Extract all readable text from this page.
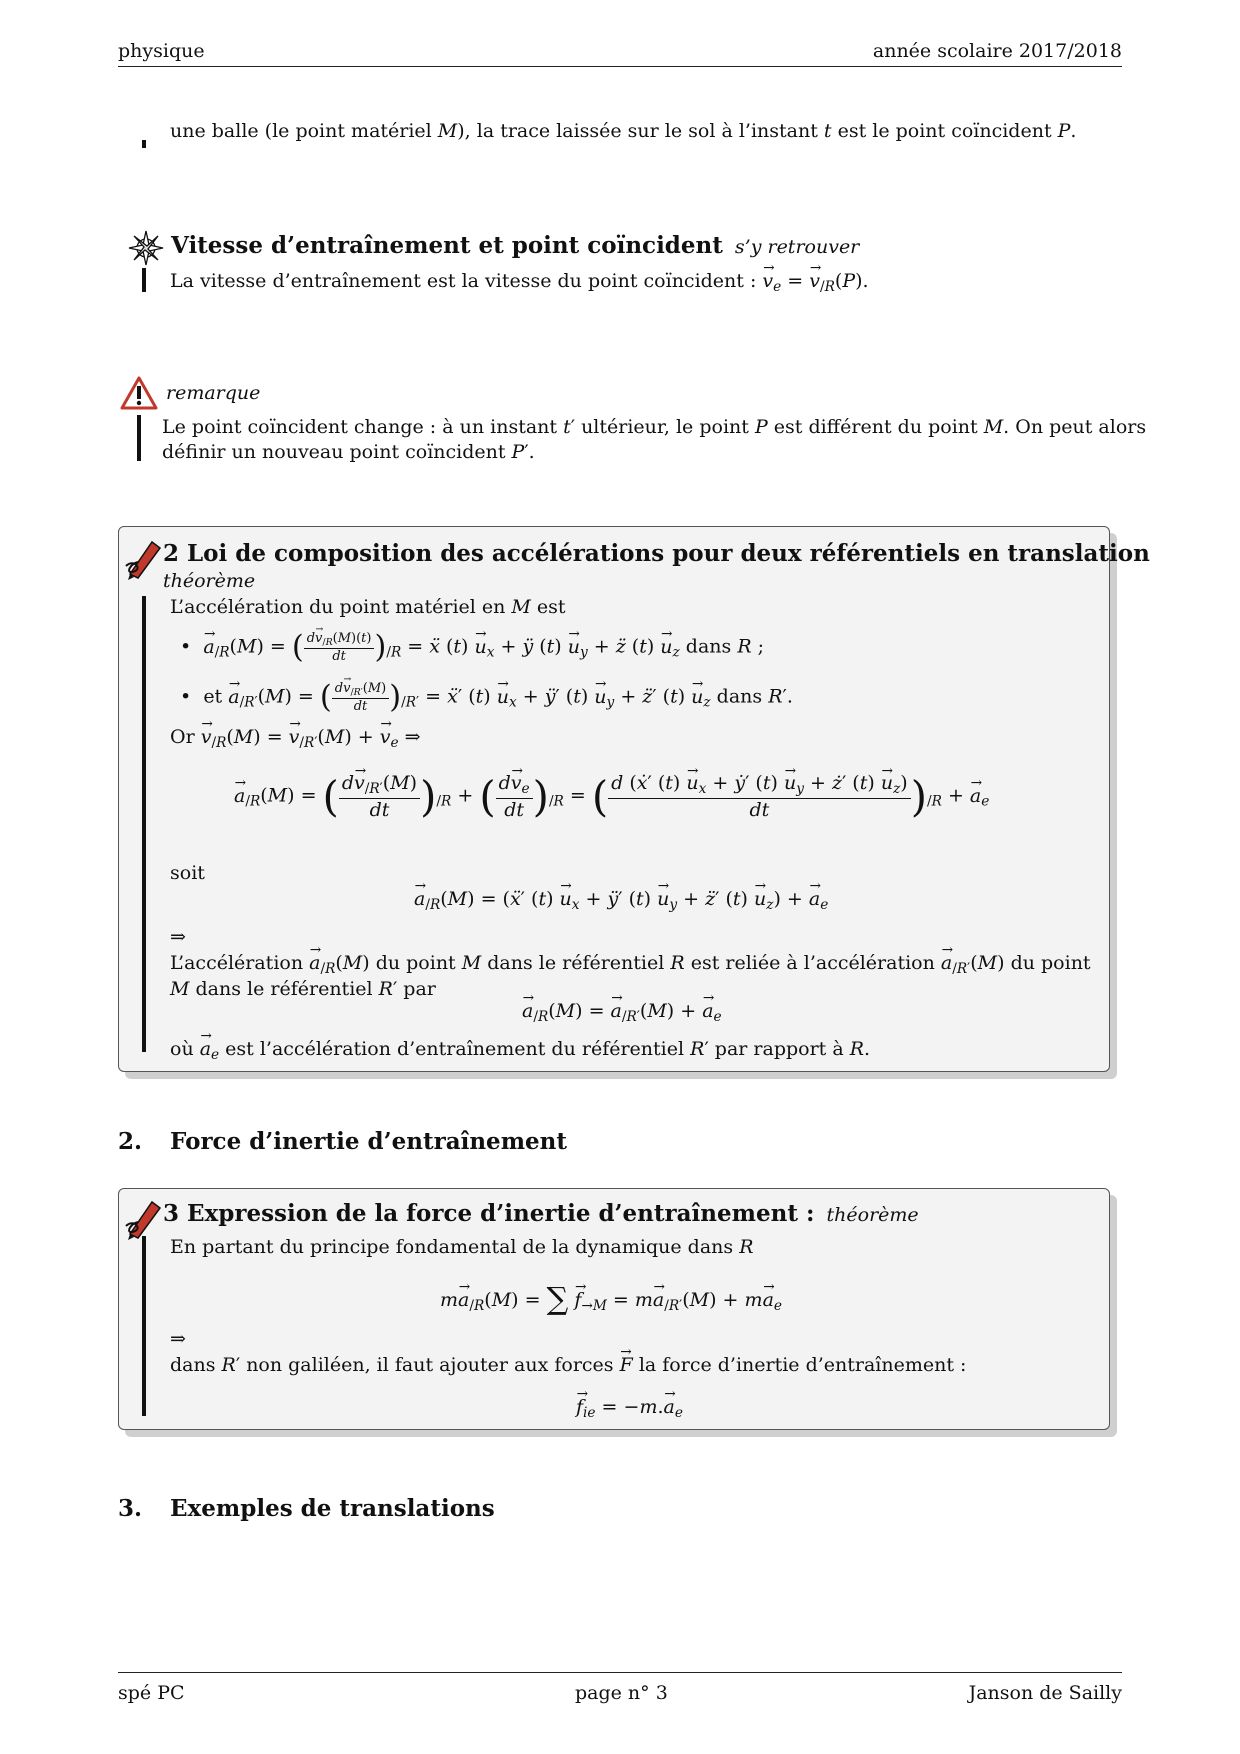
physique	année scolaire 2017/2018
une balle (le point matériel M), la trace laissée sur le sol à l’instant t est le point coïncident P.
Vitesse d’entraînement et point coïncident s’y retrouver
La vitesse d’entraînement est la vitesse du point coïncident : → $v_e$ = → $v_{/R}(P)$.
remarque
Le point coïncident change : à un instant t′ ultérieur, le point P est différent du point M. On peut alors
définir un nouveau point coïncident P′.
2 Loi de composition des accélérations pour deux référentiels en translation
théorème
L’accélération du point matériel en M est
• → $a_{/R}(M)$ = ( $\frac{d\to v_{/R}(M)(t)}{dt} )_{/R}$ = ẍ $(t) \to u_x$ + ÿ $(t) \to u_y$ + z̈ $(t) \to u_z$ dans R ;
• et → $a_{/R'}(M)$ = ( $\frac{d\to v_{/R'}(M)}{dt} )_{/R'}$ = ẍ′ $(t) \to u_x$ + ÿ′ $(t) \to u_y$ + z̈′ $(t) \to u_z$ dans R′.
$Or \to v_{/R}(M)$ = → $v_{/R'}(M)$ + → $v_e$ ⇒
→ $a_{/R}(M)$ = ( $\frac{d\to v_{/R'}(M)}{dt} )_{/R}$ + ( $\frac{d\to v_e}{dt} )_{/R}$ = ( $\frac{d (ẋ' (t) \to u_x + ẏ' (t) \to u_y + ż' (t) \to u_z)}{dt} )_{/R}$ + → $a_e$
soit
→ $a_{/R}(M)$ = (ẍ′ $(t) \to u_x$ + ÿ′ $(t) \to u_y$ + z̈′ $(t) \to u_z$) + → $a_e$
⇒
L’accélération → $a_{/R}(M)$ du point M dans le référentiel R est reliée à l’accélération → $a_{/R'}(M)$ du point
M dans le référentiel R′ par
→ $a_{/R}(M)$ = → $a_{/R'}(M)$ + → $a_e$
où → $a_e$ est l’accélération d’entraînement du référentiel R′ par rapport à R.
2. Force d’inertie d’entraînement
3 Expression de la force d’inertie d’entraînement : théorème
En partant du principe fondamental de la dynamique dans R
$m\to a_{/R}(M)$ = ∑ → $f_{\to M} = m\to a_{/R'}(M) + m\to a_e$
⇒
dans R′ non galiléen, il faut ajouter aux forces → F la force d’inertie d’entraînement :
→ $f_{ie} = -m.\to a_e$
3. Exemples de translations
spé PC	page n° 3	Janson de Sailly
